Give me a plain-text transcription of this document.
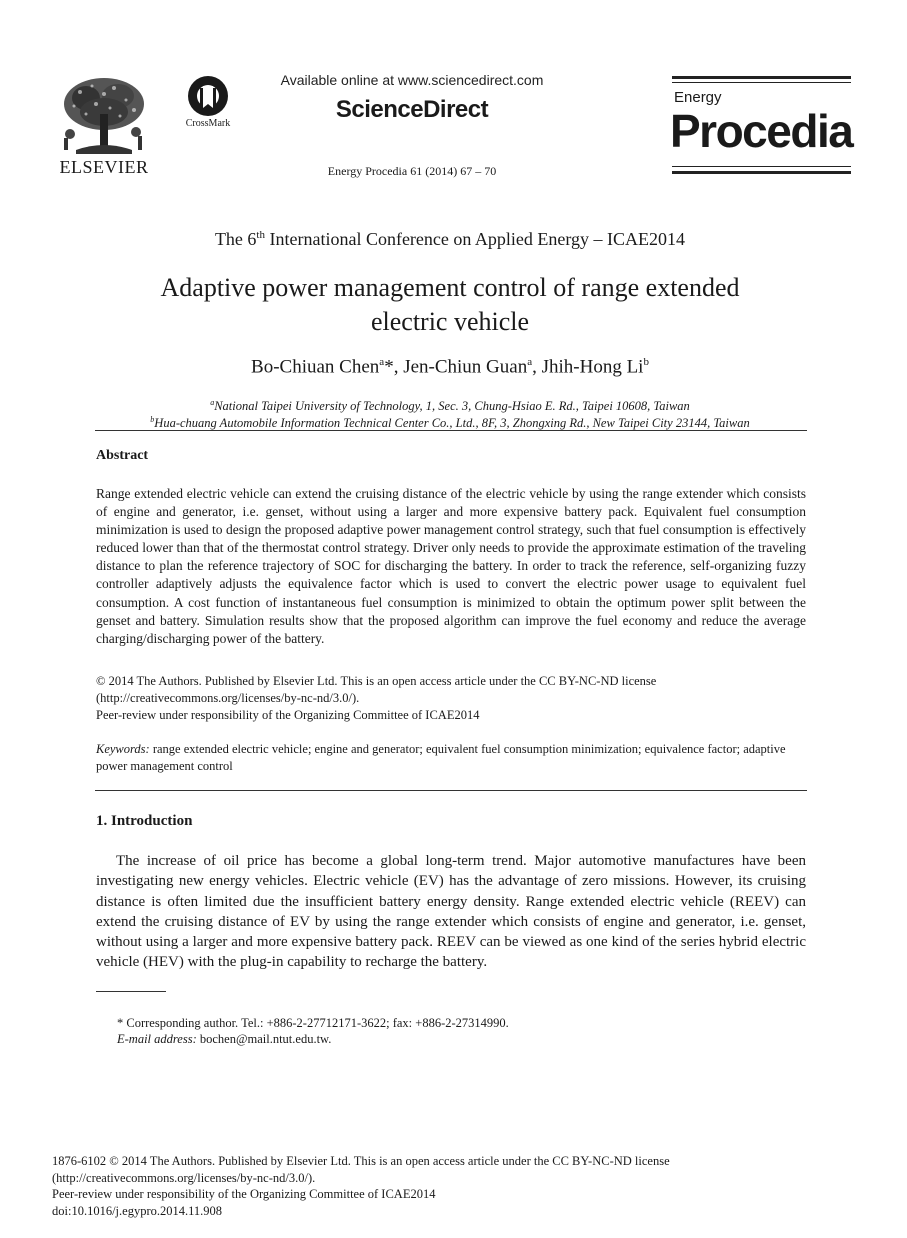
ELSEVIER
CrossMark
Available online at www.sciencedirect.com
ScienceDirect
Energy Procedia 61 (2014) 67 – 70
Energy
Procedia
The 6th International Conference on Applied Energy – ICAE2014
Adaptive power management control of range extended
electric vehicle
Bo-Chiuan Chen$^a$*, Jen-Chiun Guan$^a$, Jhih-Hong Li$^b$
$^a$National Taipei University of Technology, 1, Sec. 3, Chung-Hsiao E. Rd., Taipei 10608, Taiwan
$^b$Hua-chuang Automobile Information Technical Center Co., Ltd., 8F, 3, Zhongxing Rd., New Taipei City 23144, Taiwan
Abstract
Range extended electric vehicle can extend the cruising distance of the electric vehicle by using the range extender which consists of engine and generator, i.e. genset, without using a larger and more expensive battery pack. Equivalent fuel consumption minimization is used to design the proposed adaptive power management control strategy, such that fuel consumption is effectively reduced lower than that of the thermostat control strategy. Driver only needs to provide the approximate estimation of the traveling distance to plan the reference trajectory of SOC for discharging the battery. In order to track the reference, self-organizing fuzzy controller adaptively adjusts the equivalence factor which is used to convert the electric power usage to equivalent fuel consumption. A cost function of instantaneous fuel consumption is minimized to obtain the optimum power split between the genset and battery. Simulation results show that the proposed algorithm can improve the fuel economy and reduce the average charging/discharging power of the battery.
© 2014 The Authors. Published by Elsevier Ltd. This is an open access article under the CC BY-NC-ND license
(http://creativecommons.org/licenses/by-nc-nd/3.0/).
Peer-review under responsibility of the Organizing Committee of ICAE2014
Keywords: range extended electric vehicle; engine and generator; equivalent fuel consumption minimization; equivalence factor; adaptive power management control
1. Introduction
The increase of oil price has become a global long-term trend. Major automotive manufactures have been investigating new energy vehicles. Electric vehicle (EV) has the advantage of zero missions. However, its cruising distance is often limited due the insufficient battery energy density. Range extended electric vehicle (REEV) can extend the cruising distance of EV by using the range extender which consists of engine and generator, i.e. genset, without using a larger and more expensive battery pack. REEV can be viewed as one kind of the series hybrid electric vehicle (HEV) with the plug-in capability to recharge the battery.
* Corresponding author. Tel.: +886-2-27712171-3622; fax: +886-2-27314990.
E-mail address: bochen@mail.ntut.edu.tw.
1876-6102 © 2014 The Authors. Published by Elsevier Ltd. This is an open access article under the CC BY-NC-ND license
(http://creativecommons.org/licenses/by-nc-nd/3.0/).
Peer-review under responsibility of the Organizing Committee of ICAE2014
doi:10.1016/j.egypro.2014.11.908
